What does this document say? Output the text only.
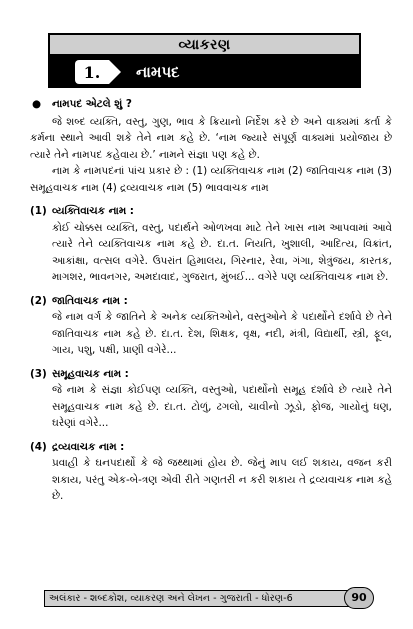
વ્યાકરણ
1.	નામપદ

● નામપદ એટલે શું ?

જે શબ્દ વ્યક્તિ, વસ્તુ, ગુણ, ભાવ કે ક્રિયાનો નિર્દેશ કરે છે અને વાક્યમાં કર્તા કે કર્મના સ્થાને આવી શકે તેને નામ કહે છે. ‘નામ જ્યારે સંપૂર્ણ વાક્યમાં પ્રયોજાય છે ત્યારે તેને નામપદ કહેવાય છે.’ નામને સંજ્ઞા પણ કહે છે.

નામ કે નામપદનાં પાંચ પ્રકાર છે : (1) વ્યક્તિવાચક નામ (2) જાતિવાચક નામ (3) સમૂહવાચક નામ (4) દ્રવ્યવાચક નામ (5) ભાવવાચક નામ

(1) વ્યક્તિવાચક નામ :

કોઈ ચોક્કસ વ્યક્તિ, વસ્તુ, પદાર્થને ઓળખવા માટે તેને ખાસ નામ આપવામાં આવે ત્યારે તેને વ્યક્તિવાચક નામ કહે છે. દા.ત. નિયતિ, ખુશાલી, આદિત્ય, વિક્રાંત, આકાંક્ષા, વત્સલ વગેરે. ઉપરાંત હિમાલય, ગિરનાર, રેવા, ગંગા, શેત્રુંજય, કારતક, માગશર, ભાવનગર, અમદાવાદ, ગુજરાત, મુંબઈ... વગેરે પણ વ્યક્તિવાચક નામ છે.

(2) જાતિવાચક નામ :

જે નામ વર્ગ કે જાતિને કે અનેક વ્યક્તિઓને, વસ્તુઓને કે પદાર્થોને દર્શાવે છે તેને જાતિવાચક નામ કહે છે. દા.ત. દેશ, શિક્ષક, વૃક્ષ, નદી, મંત્રી, વિદ્યાર્થી, સ્ત્રી, ફૂલ, ગાય, પશુ, પક્ષી, પ્રાણી વગેરે...

(3) સમૂહવાચક નામ :

જે નામ કે સંજ્ઞા કોઈપણ વ્યક્તિ, વસ્તુઓ, પદાર્થોનો સમૂહ દર્શાવે છે ત્યારે તેને સમૂહવાચક નામ કહે છે. દા.ત. ટોળું, ઢગલો, ચાવીનો ઝૂડો, ફોજ, ગાયોનું ધણ, ઘરેણાં વગેરે...

(4) દ્રવ્યવાચક નામ :

પ્રવાહી કે ઘનપદાર્થો કે જે જથ્થામાં હોય છે. જેનું માપ લઈ શકાય, વજન કરી શકાય, પરંતુ એક-બે-ત્રણ એવી રીતે ગણતરી ન કરી શકાય તે દ્રવ્યવાચક નામ કહે છે.

અલંકાર - શબ્દકોશ, વ્યાકરણ અને લેખન - ગુજરાતી - ધોરણ-6	90
